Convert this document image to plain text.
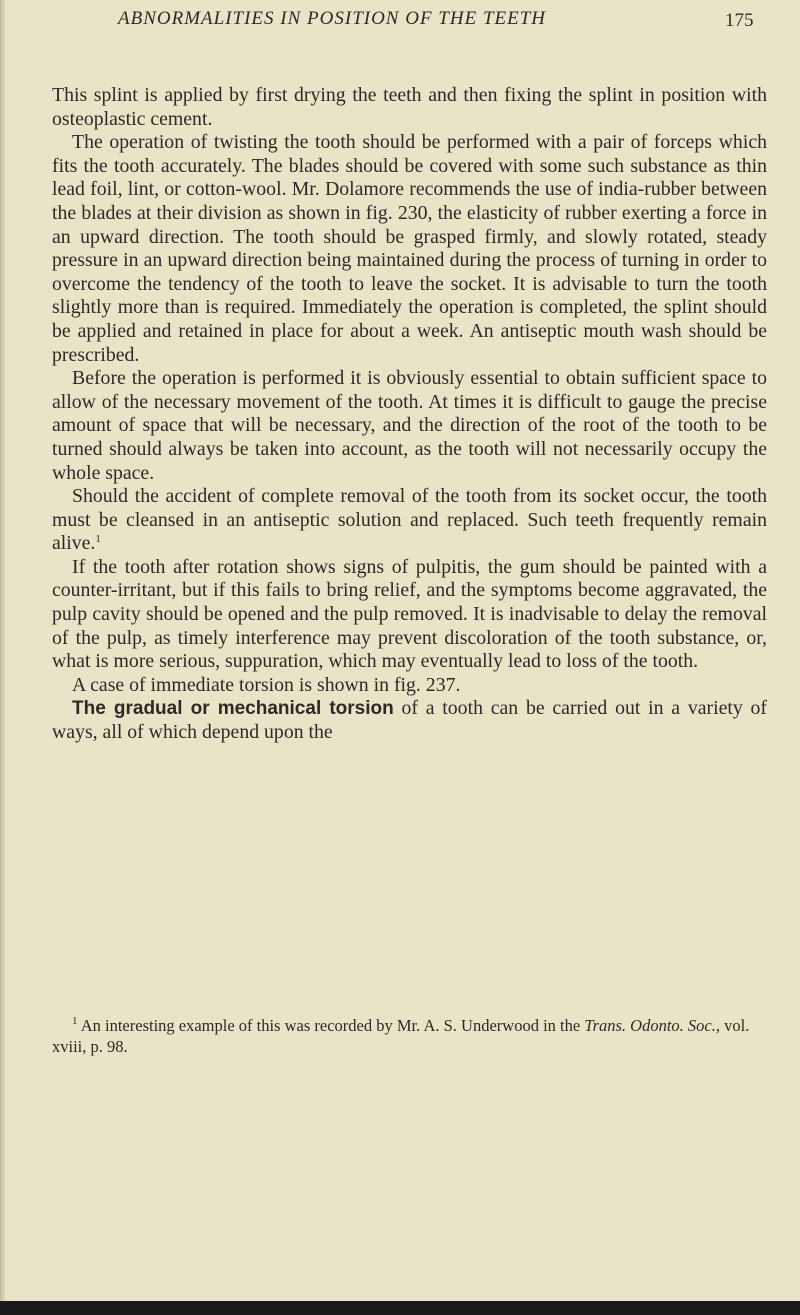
ABNORMALITIES IN POSITION OF THE TEETH	175

This splint is applied by first drying the teeth and then fixing the splint in position with osteoplastic cement.

The operation of twisting the tooth should be performed with a pair of forceps which fits the tooth accurately. The blades should be covered with some such substance as thin lead foil, lint, or cotton-wool. Mr. Dolamore recommends the use of india-rubber between the blades at their division as shown in fig. 230, the elasticity of rubber exerting a force in an upward direction. The tooth should be grasped firmly, and slowly rotated, steady pressure in an upward direction being maintained during the process of turning in order to overcome the tendency of the tooth to leave the socket. It is advisable to turn the tooth slightly more than is required. Immediately the operation is completed, the splint should be applied and retained in place for about a week. An antiseptic mouth wash should be prescribed.

Before the operation is performed it is obviously essential to obtain sufficient space to allow of the necessary movement of the tooth. At times it is difficult to gauge the precise amount of space that will be necessary, and the direction of the root of the tooth to be turned should always be taken into account, as the tooth will not necessarily occupy the whole space.

Should the accident of complete removal of the tooth from its socket occur, the tooth must be cleansed in an antiseptic solution and replaced. Such teeth frequently remain alive.$^1$

If the tooth after rotation shows signs of pulpitis, the gum should be painted with a counter-irritant, but if this fails to bring relief, and the symptoms become aggravated, the pulp cavity should be opened and the pulp removed. It is inadvisable to delay the removal of the pulp, as timely interference may prevent discoloration of the tooth substance, or, what is more serious, suppuration, which may eventually lead to loss of the tooth.

A case of immediate torsion is shown in fig. 237.

The gradual or mechanical torsion of a tooth can be carried out in a variety of ways, all of which depend upon the

$^1$ An interesting example of this was recorded by Mr. A. S. Underwood in the Trans. Odonto. Soc., vol. xviii, p. 98.
